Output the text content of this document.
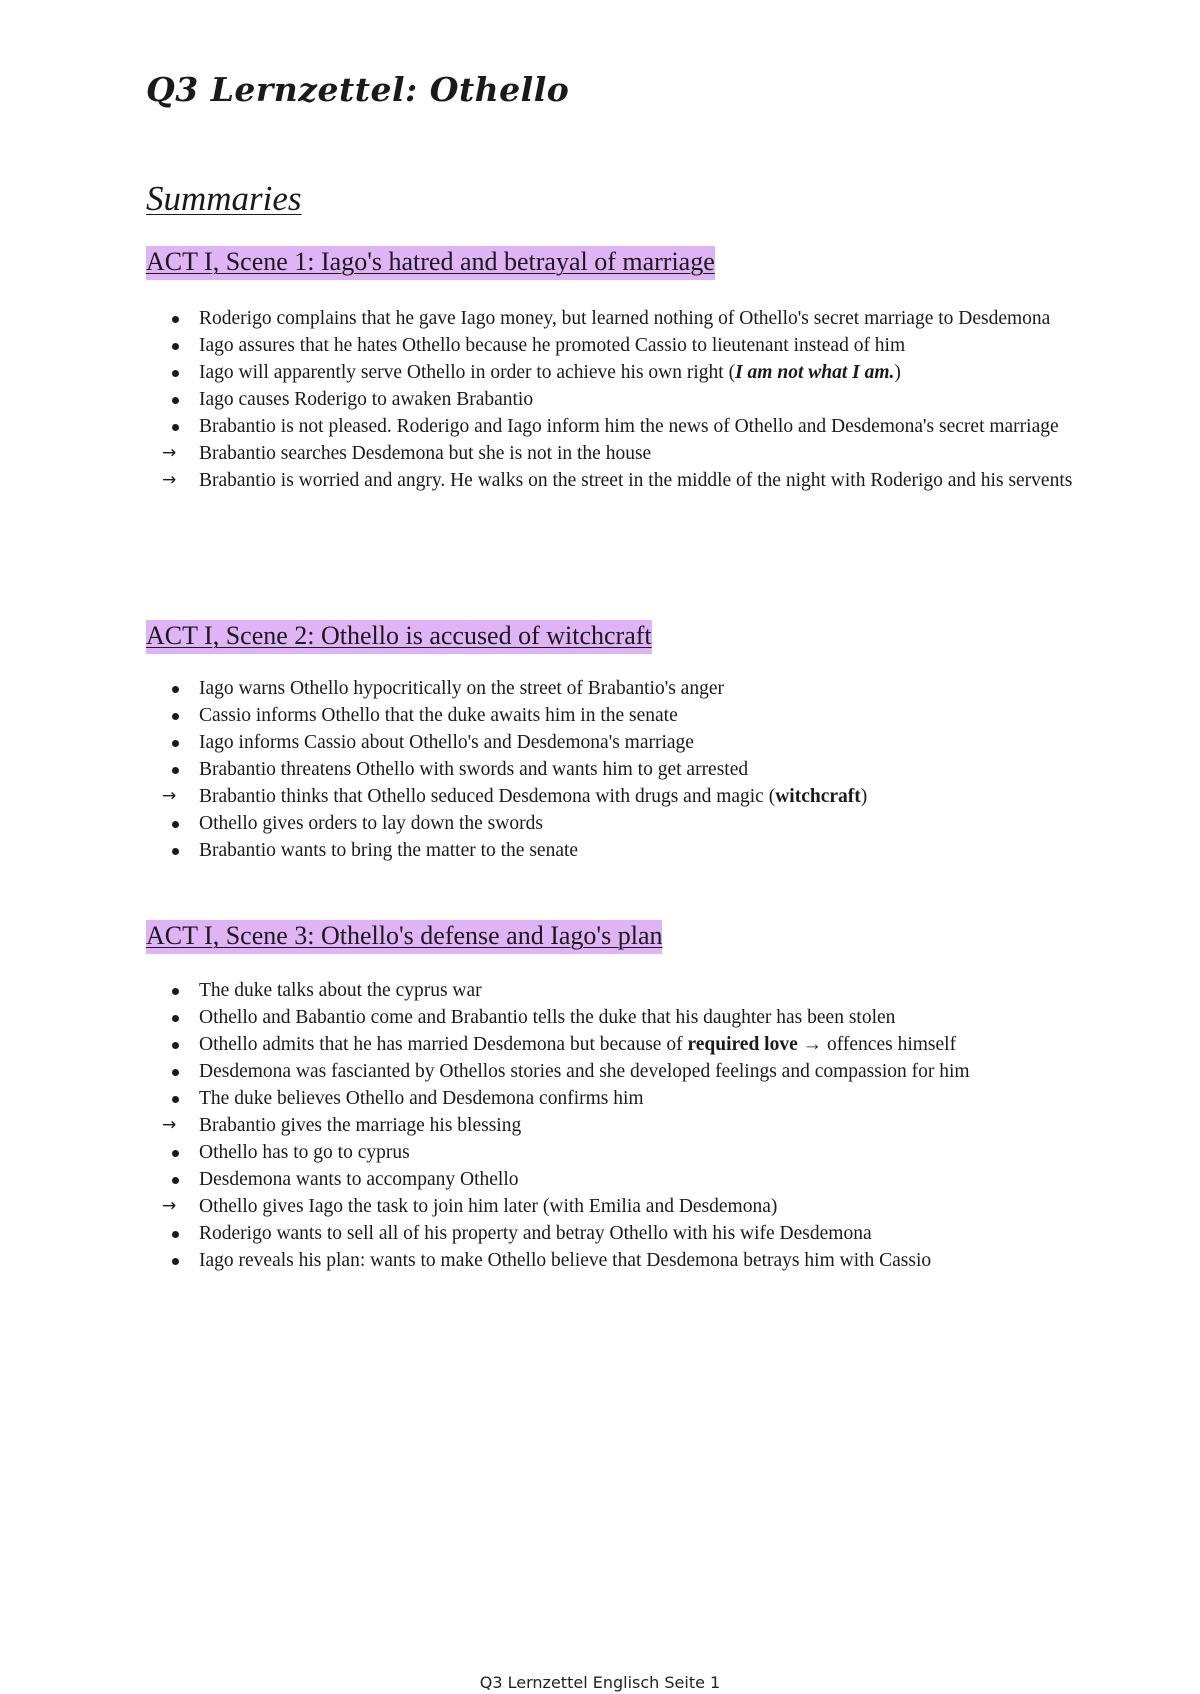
Q3 Lernzettel: Othello
Summaries
ACT I, Scene 1: Iago's hatred and betrayal of marriage
Roderigo complains that he gave Iago money, but learned nothing of Othello's secret marriage to Desdemona
Iago assures that he hates Othello because he promoted Cassio to lieutenant instead of him
Iago will apparently serve Othello in order to achieve his own right (I am not what I am.)
Iago causes Roderigo to awaken Brabantio
Brabantio is not pleased. Roderigo and Iago inform him the news of Othello and Desdemona's secret marriage
→	Brabantio searches Desdemona but she is not in the house
→	Brabantio is worried and angry. He walks on the street in the middle of the night with Roderigo and his servents
ACT I, Scene 2: Othello is accused of witchcraft
Iago warns Othello hypocritically on the street of Brabantio's anger
Cassio informs Othello that the duke awaits him in the senate
Iago informs Cassio about Othello's and Desdemona's marriage
Brabantio threatens Othello with swords and wants him to get arrested
→	Brabantio thinks that Othello seduced Desdemona with drugs and magic (witchcraft)
Othello gives orders to lay down the swords
Brabantio wants to bring the matter to the senate
ACT I, Scene 3: Othello's defense and Iago's plan
The duke talks about the cyprus war
Othello and Babantio come and Brabantio tells the duke that his daughter has been stolen
Othello admits that he has married Desdemona but because of required love → offences himself
Desdemona was fascianted by Othellos stories and she developed feelings and compassion for him
The duke believes Othello and Desdemona confirms him
→	Brabantio gives the marriage his blessing
Othello has to go to cyprus
Desdemona wants to accompany Othello
→	Othello gives Iago the task to join him later (with Emilia and Desdemona)
Roderigo wants to sell all of his property and betray Othello with his wife Desdemona
Iago reveals his plan: wants to make Othello believe that Desdemona betrays him with Cassio
Q3 Lernzettel Englisch Seite 1
